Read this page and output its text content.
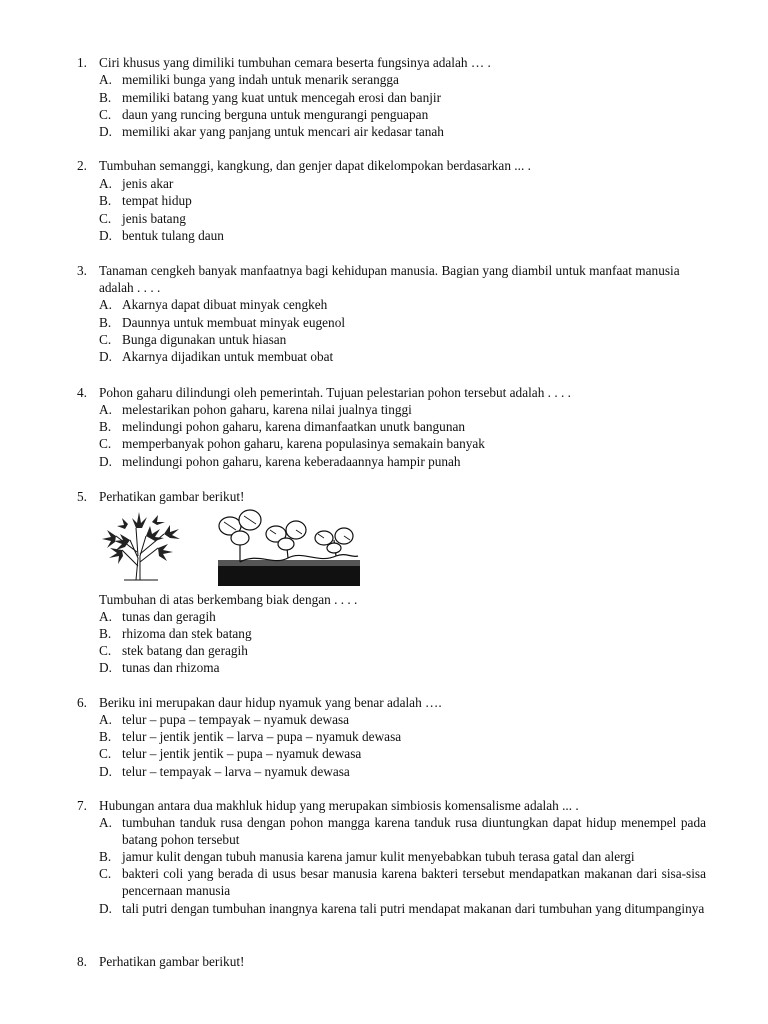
1. Ciri khusus yang dimiliki tumbuhan cemara beserta fungsinya adalah … .
A. memiliki bunga yang indah untuk menarik serangga
B. memiliki batang yang kuat untuk mencegah erosi dan banjir
C. daun yang runcing berguna untuk mengurangi penguapan
D. memiliki akar yang panjang untuk mencari air kedasar tanah
2. Tumbuhan semanggi, kangkung, dan genjer dapat dikelompokan berdasarkan ... .
A. jenis akar
B. tempat hidup
C. jenis batang
D. bentuk tulang daun
3. Tanaman cengkeh banyak manfaatnya bagi kehidupan manusia. Bagian yang diambil untuk manfaat manusia adalah . . . .
A. Akarnya dapat dibuat minyak cengkeh
B. Daunnya untuk membuat minyak eugenol
C. Bunga digunakan untuk hiasan
D. Akarnya dijadikan untuk membuat obat
4. Pohon gaharu dilindungi oleh pemerintah. Tujuan pelestarian pohon tersebut adalah . . . .
A. melestarikan pohon gaharu, karena nilai jualnya tinggi
B. melindungi pohon gaharu, karena dimanfaatkan unutk bangunan
C. memperbanyak pohon gaharu, karena populasinya semakain banyak
D. melindungi pohon gaharu, karena keberadaannya hampir punah
5. Perhatikan gambar berikut!
Tumbuhan di atas berkembang biak dengan . . . .
A. tunas dan geragih
B. rhizoma dan stek batang
C. stek batang dan geragih
D. tunas dan rhizoma
6. Beriku ini merupakan daur hidup nyamuk yang benar adalah ….
A. telur – pupa – tempayak – nyamuk dewasa
B. telur – jentik jentik – larva – pupa – nyamuk dewasa
C. telur – jentik jentik – pupa – nyamuk dewasa
D. telur – tempayak – larva – nyamuk dewasa
7. Hubungan antara dua makhluk hidup yang merupakan simbiosis komensalisme adalah ... .
A. tumbuhan tanduk rusa dengan pohon mangga karena tanduk rusa diuntungkan dapat hidup menempel pada batang pohon tersebut
B. jamur kulit dengan tubuh manusia karena jamur kulit menyebabkan tubuh terasa gatal dan alergi
C. bakteri coli yang berada di usus besar manusia karena bakteri tersebut mendapatkan makanan dari sisa-sisa pencernaan manusia
D. tali putri dengan tumbuhan inangnya karena tali putri mendapat makanan dari tumbuhan yang ditumpanginya
8. Perhatikan gambar berikut!
